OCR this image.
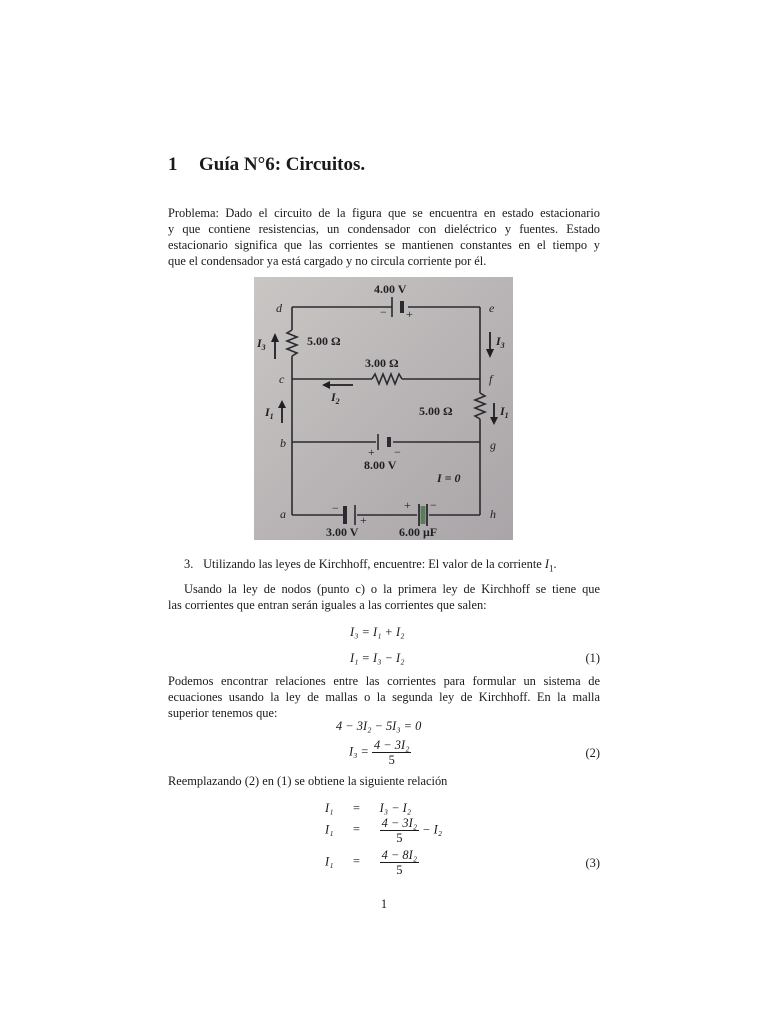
1 Guía N°6: Circuitos.

Problema: Dado el circuito de la figura que se encuentra en estado estacionario
y que contiene resistencias, un condensador con dieléctrico y fuentes. Estado
estacionario significa que las corrientes se mantienen constantes en el tiempo y
que el condensador ya está cargado y no circula corriente por él.

3. Utilizando las leyes de Kirchhoff, encuentre: El valor de la corriente $I_1$.

Usando la ley de nodos (punto c) o la primera ley de Kirchhoff se tiene que
las corrientes que entran serán iguales a las corrientes que salen:

I₃ = I₁ + I₂
I₁ = I₃ − I₂	(1)

Podemos encontrar relaciones entre las corrientes para formular un sistema de
ecuaciones usando la ley de mallas o la segunda ley de Kirchhoff. En la malla
superior tenemos que:

4 − 3I₂ − 5I₃ = 0
$I_3 = \frac{\text{4 − 3I₂}}{5}$	(2)

Reemplazando (2) en (1) se obtiene la siguiente relación

I₁ = I₃ − I₂
$I_1 = \frac{\text{4 − 3I₂}}{5} - I_2$
$I_1 = \frac{\text{4 − 8I₂}}{5}$	(3)
d	e
c	f
b	g
a	h
4.00 V
5.00 Ω
3.00 Ω
5.00 Ω
8.00 V
3.00 V	6.00 μF
− +
+ −
−
+
+ −
$I_3$	$I_3$
$I_1$	$I_1$
$I_2$
I = 0
1
